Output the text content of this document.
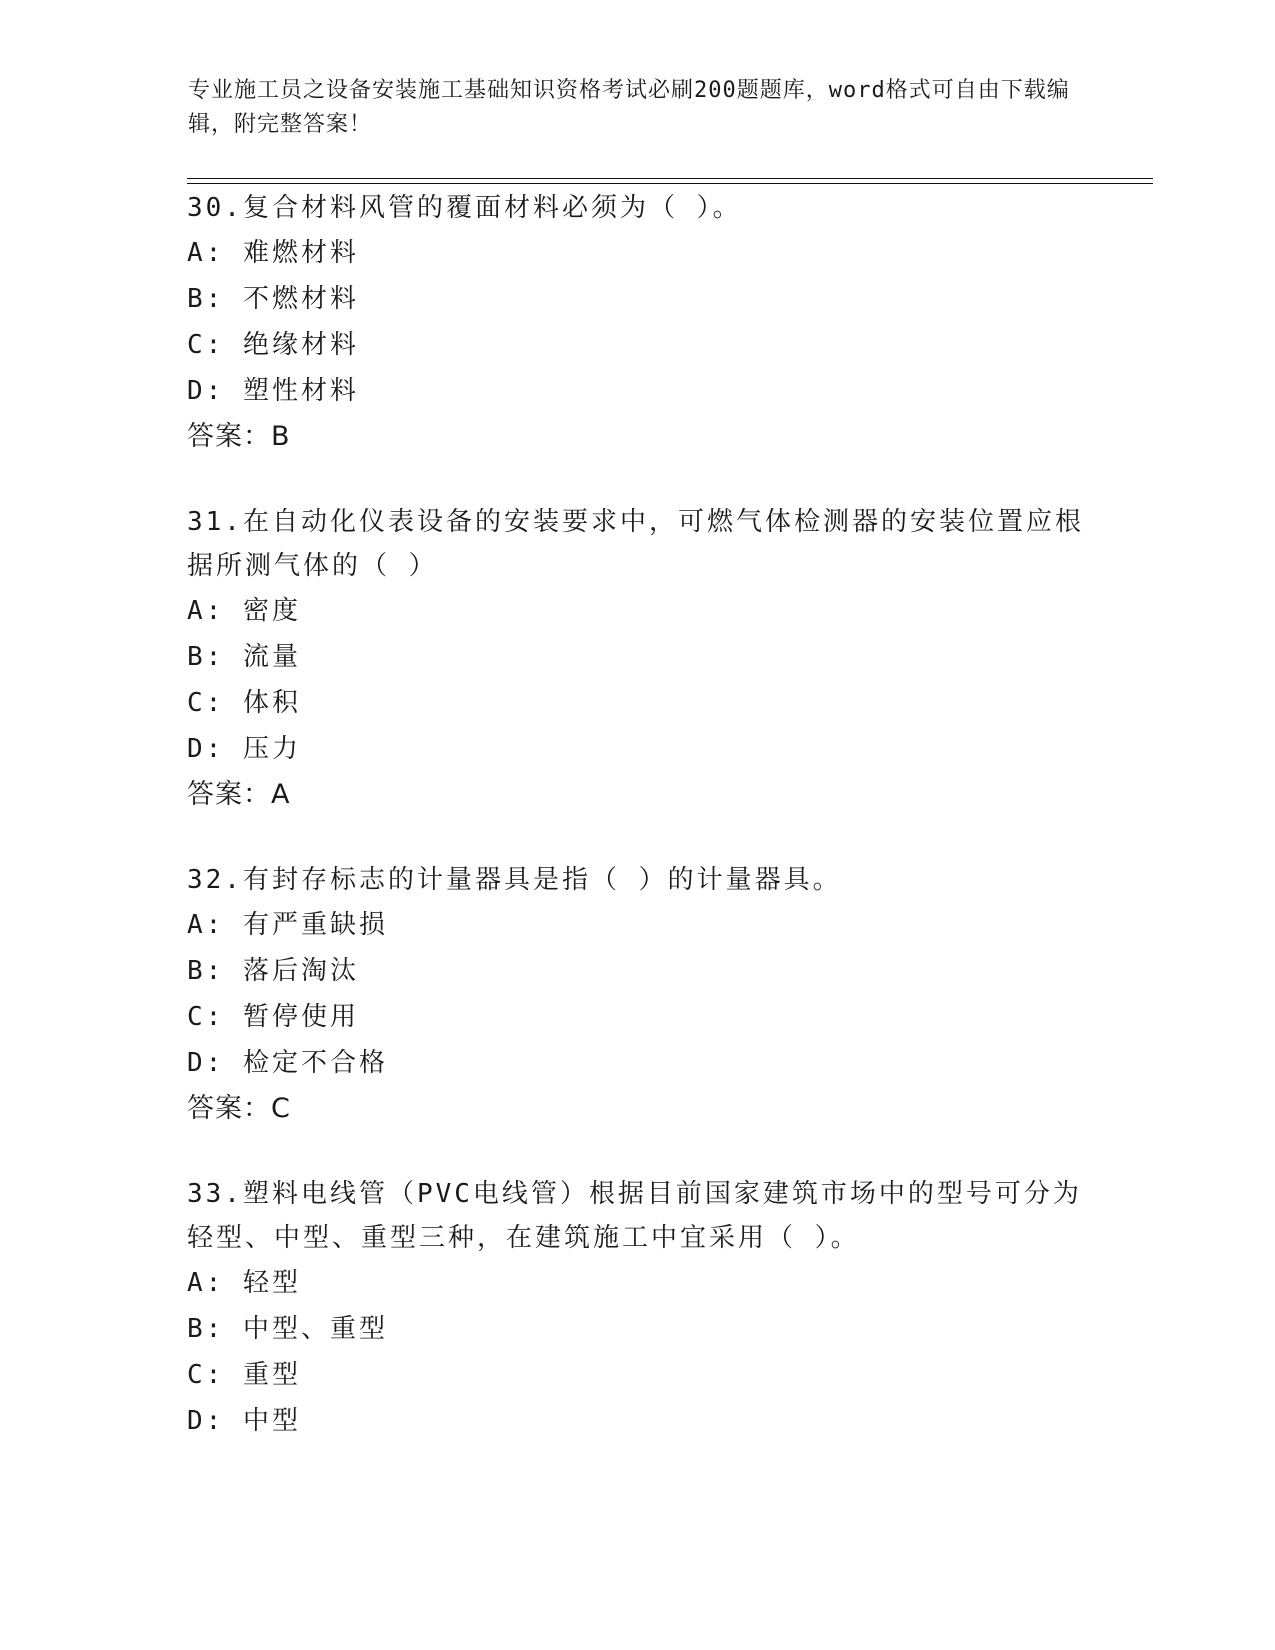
专业施工员之设备安装施工基础知识资格考试必刷200题题库，word格式可自由下载编辑，附完整答案！
30.复合材料风管的覆面材料必须为（ ）。
A: 难燃材料
B: 不燃材料
C: 绝缘材料
D: 塑性材料
答案：B
31.在自动化仪表设备的安装要求中，可燃气体检测器的安装位置应根据所测气体的（ ）
A: 密度
B: 流量
C: 体积
D: 压力
答案：A
32.有封存标志的计量器具是指（ ）的计量器具。
A: 有严重缺损
B: 落后淘汰
C: 暂停使用
D: 检定不合格
答案：C
33.塑料电线管（PVC电线管）根据目前国家建筑市场中的型号可分为轻型、中型、重型三种，在建筑施工中宜采用（ ）。
A: 轻型
B: 中型、重型
C: 重型
D: 中型
